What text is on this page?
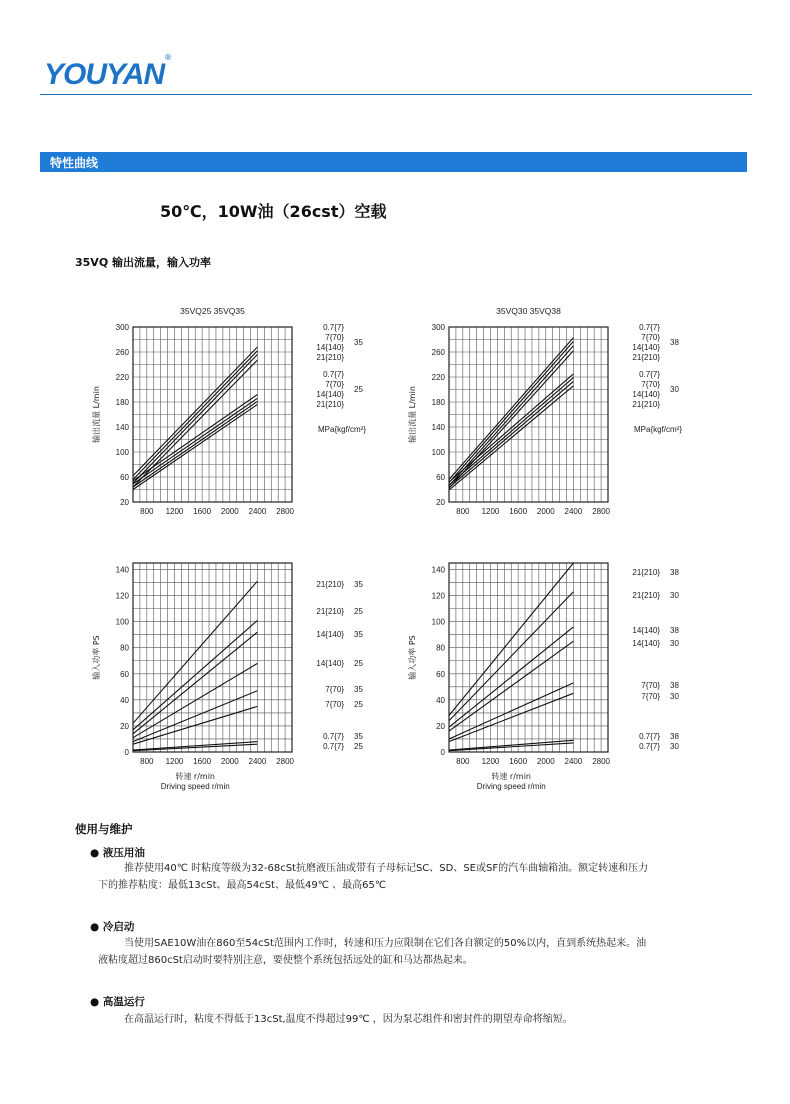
YOUYAN
®
特性曲线
50℃，10W油（26cst）空载
35VQ 输出流量，输入功率
20
60
100
140
180
220
260
300
800 1200 1600 2000 2400 2800
输出流量 L/min
35VQ25 35VQ35
0.7{7}
7{70}
14{140}
21{210}
35
0.7{7}
7{70}
14{140}
21{210}
25
MPa{kgf/cm²}
0
20
40
60
80
100
120
140
800 1200 1600 2000 2400 2800
输入功率 PS
转速 r/min
Driving speed r/min
21{210} 35
21{210} 25
14{140} 35
14{140} 25
7{70} 35
7{70} 25
0.7{7} 35
0.7{7} 25
20
60
100
140
180
220
260
300
800 1200 1600 2000 2400 2800
输出流量 L/min
35VQ30 35VQ38
0.7{7}
7{70}
14{140}
21{210}
38
0.7{7}
7{70}
14{140}
21{210}
30
MPa{kgf/cm²}
0
20
40
60
80
100
120
140
800 1200 1600 2000 2400 2800
输入功率 PS
转速 r/min
Driving speed r/min
21{210} 38
21{210} 30
14{140} 38
14{140} 30
7{70} 38
7{70} 30
0.7{7} 38
0.7{7} 30
使用与维护
● 液压用油
推荐使用40℃ 时粘度等级为32-68cSt抗磨液压油或带有子母标记SC、SD、SE或SF的汽车曲轴箱油。额定转速和压力
下的推荐粘度：最低13cSt、最高54cSt、最低49℃ 、最高65℃
● 冷启动
当使用SAE10W油在860至54cSt范围内工作时，转速和压力应限制在它们各自额定的50%以内，直到系统热起来。油
液粘度超过860cSt启动时要特别注意，要使整个系统包括远处的缸和马达都热起来。
● 高温运行
在高温运行时，粘度不得低于13cSt,温度不得超过99℃ ，因为泵芯组件和密封件的期望寿命将缩短。
